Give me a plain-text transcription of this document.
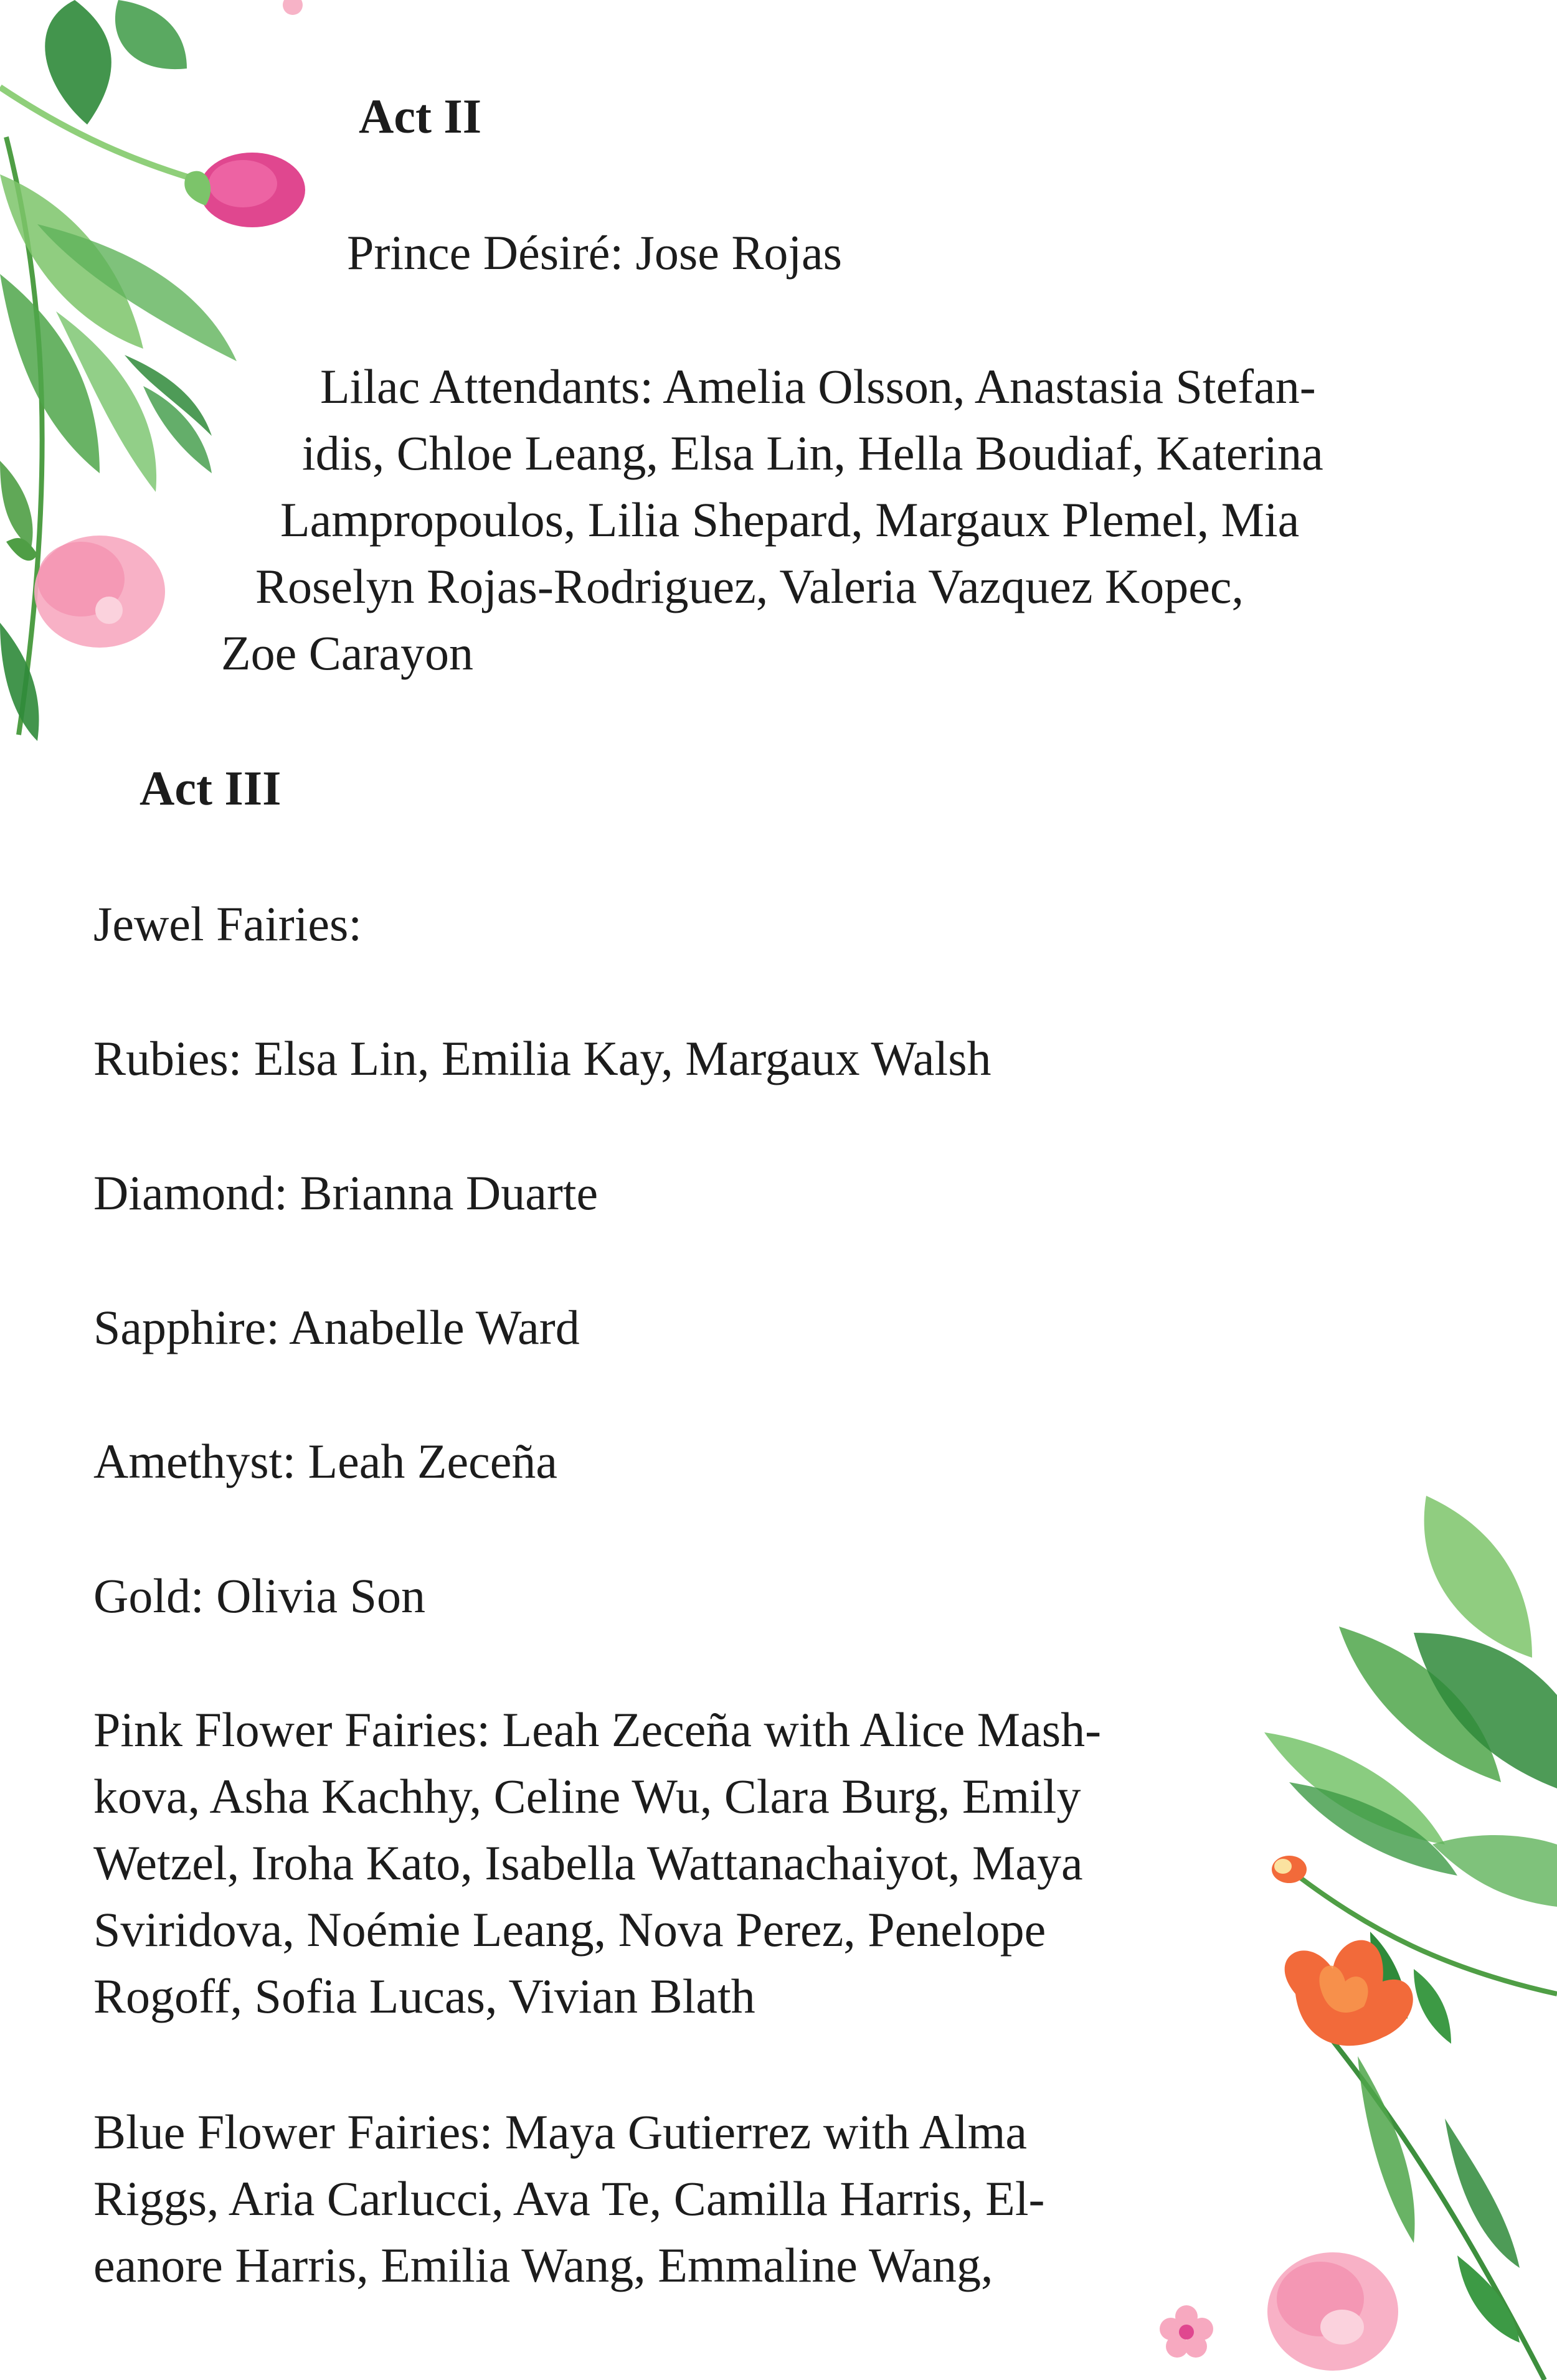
Act II

Prince Désiré: Jose Rojas

Lilac Attendants: Amelia Olsson, Anastasia Stefan-
idis, Chloe Leang, Elsa Lin, Hella Boudiaf, Katerina
Lampropoulos, Lilia Shepard, Margaux Plemel, Mia
Roselyn Rojas-Rodriguez, Valeria Vazquez Kopec,
Zoe Carayon

Act III

Jewel Fairies:

Rubies: Elsa Lin, Emilia Kay, Margaux Walsh

Diamond: Brianna Duarte

Sapphire: Anabelle Ward

Amethyst: Leah Zeceña

Gold: Olivia Son

Pink Flower Fairies: Leah Zeceña with Alice Mash-
kova, Asha Kachhy, Celine Wu, Clara Burg, Emily
Wetzel, Iroha Kato, Isabella Wattanachaiyot, Maya
Sviridova, Noémie Leang, Nova Perez, Penelope
Rogoff, Sofia Lucas, Vivian Blath

Blue Flower Fairies: Maya Gutierrez with Alma
Riggs, Aria Carlucci, Ava Te, Camilla Harris, El-
eanore Harris, Emilia Wang, Emmaline Wang,
